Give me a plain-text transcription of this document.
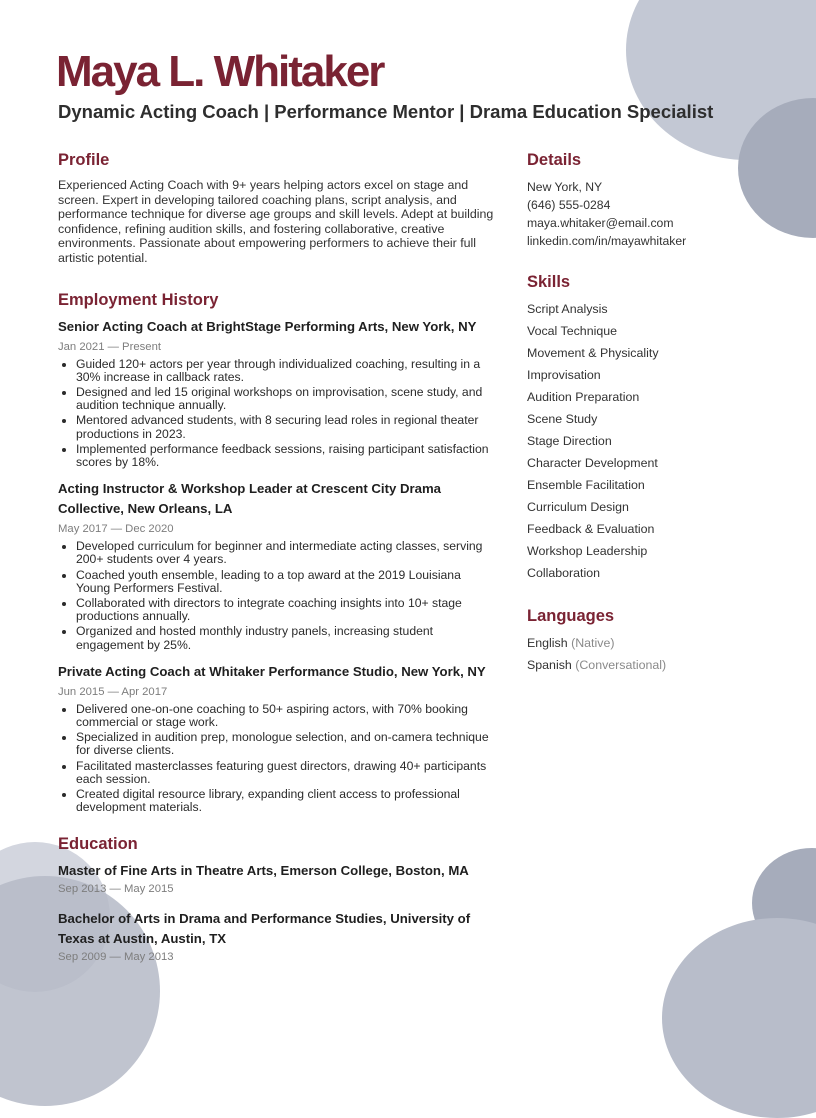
Maya L. Whitaker

Dynamic Acting Coach | Performance Mentor | Drama Education Specialist

Profile

Experienced Acting Coach with 9+ years helping actors excel on stage and screen. Expert in developing tailored coaching plans, script analysis, and performance technique for diverse age groups and skill levels. Adept at building confidence, refining audition skills, and fostering collaborative, creative environments. Passionate about empowering performers to achieve their full artistic potential.

Employment History

Senior Acting Coach at BrightStage Performing Arts, New York, NY

Jan 2021 — Present

• Guided 120+ actors per year through individualized coaching, resulting in a 30% increase in callback rates.
• Designed and led 15 original workshops on improvisation, scene study, and audition technique annually.
• Mentored advanced students, with 8 securing lead roles in regional theater productions in 2023.
• Implemented performance feedback sessions, raising participant satisfaction scores by 18%.

Acting Instructor & Workshop Leader at Crescent City Drama Collective, New Orleans, LA

May 2017 — Dec 2020

• Developed curriculum for beginner and intermediate acting classes, serving 200+ students over 4 years.
• Coached youth ensemble, leading to a top award at the 2019 Louisiana Young Performers Festival.
• Collaborated with directors to integrate coaching insights into 10+ stage productions annually.
• Organized and hosted monthly industry panels, increasing student engagement by 25%.

Private Acting Coach at Whitaker Performance Studio, New York, NY

Jun 2015 — Apr 2017

• Delivered one-on-one coaching to 50+ aspiring actors, with 70% booking commercial or stage work.
• Specialized in audition prep, monologue selection, and on-camera technique for diverse clients.
• Facilitated masterclasses featuring guest directors, drawing 40+ participants each session.
• Created digital resource library, expanding client access to professional development materials.
Education

Master of Fine Arts in Theatre Arts, Emerson College, Boston, MA

Sep 2013 — May 2015

Bachelor of Arts in Drama and Performance Studies, University of Texas at Austin, Austin, TX

Sep 2009 — May 2013

Details

New York, NY

(646) 555-0284

maya.whitaker@email.com

linkedin.com/in/mayawhitaker

Skills

Script Analysis

Vocal Technique

Movement & Physicality

Improvisation

Audition Preparation

Scene Study

Stage Direction

Character Development

Ensemble Facilitation

Curriculum Design

Feedback & Evaluation

Workshop Leadership

Collaboration

Languages

English (Native)

Spanish (Conversational)
